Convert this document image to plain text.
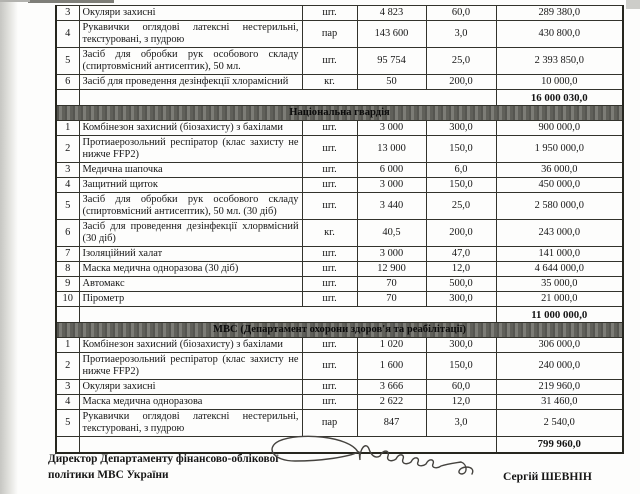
3	Окуляри захисні	шт.	4 823	60,0	289 380,0
4	Рукавички оглядові латексні нестерильні, текстуровані, з пудрою	пар	143 600	3,0	430 800,0
5	Засіб для обробки рук особового складу (спиртовмісний антисептик), 50 мл.	шт.	95 754	25,0	2 393 850,0
6	Засіб для проведення дезінфекції хлорамісний	кг.	50	200,0	10 000,0
					16 000 030,0
Національна гвардія					
1	Комбінезон захисний (біозахисту) з бахілами	шт.	3 000	300,0	900 000,0
2	Протиаерозольний респіратор (клас захисту не нижче FFP2)	шт.	13 000	150,0	1 950 000,0
3	Медична шапочка	шт.	6 000	6,0	36 000,0
4	Защитний щиток	шт.	3 000	150,0	450 000,0
5	Засіб для обробки рук особового складу (спиртовмісний антисептик), 50 мл. (30 діб)	шт.	3 440	25,0	2 580 000,0
6	Засіб для проведення дезінфекції хлорвмісний (30 діб)	кг.	40,5	200,0	243 000,0
7	Ізоляційний халат	шт.	3 000	47,0	141 000,0
8	Маска медична одноразова (30 діб)	шт.	12 900	12,0	4 644 000,0
9	Автомакс	шт.	70	500,0	35 000,0
10	Пірометр	шт.	70	300,0	21 000,0
					11 000 000,0
МВС (Департамент охорони здоров'я та реабілітації)					
1	Комбінезон захисний (біозахисту) з бахілами	шт.	1 020	300,0	306 000,0
2	Протиаерозольний респіратор (клас захисту не нижче FFP2)	шт.	1 600	150,0	240 000,0
3	Окуляри захисні	шт.	3 666	60,0	219 960,0
4	Маска медична одноразова	шт.	2 622	12,0	31 460,0
5	Рукавички оглядові латексні нестерильні, текстуровані, з пудрою	пар	847	3,0	2 540,0
					799 960,0
Директор Департаменту фінансово-облікової
політики МВС України	Сергій ШЕВНІН
